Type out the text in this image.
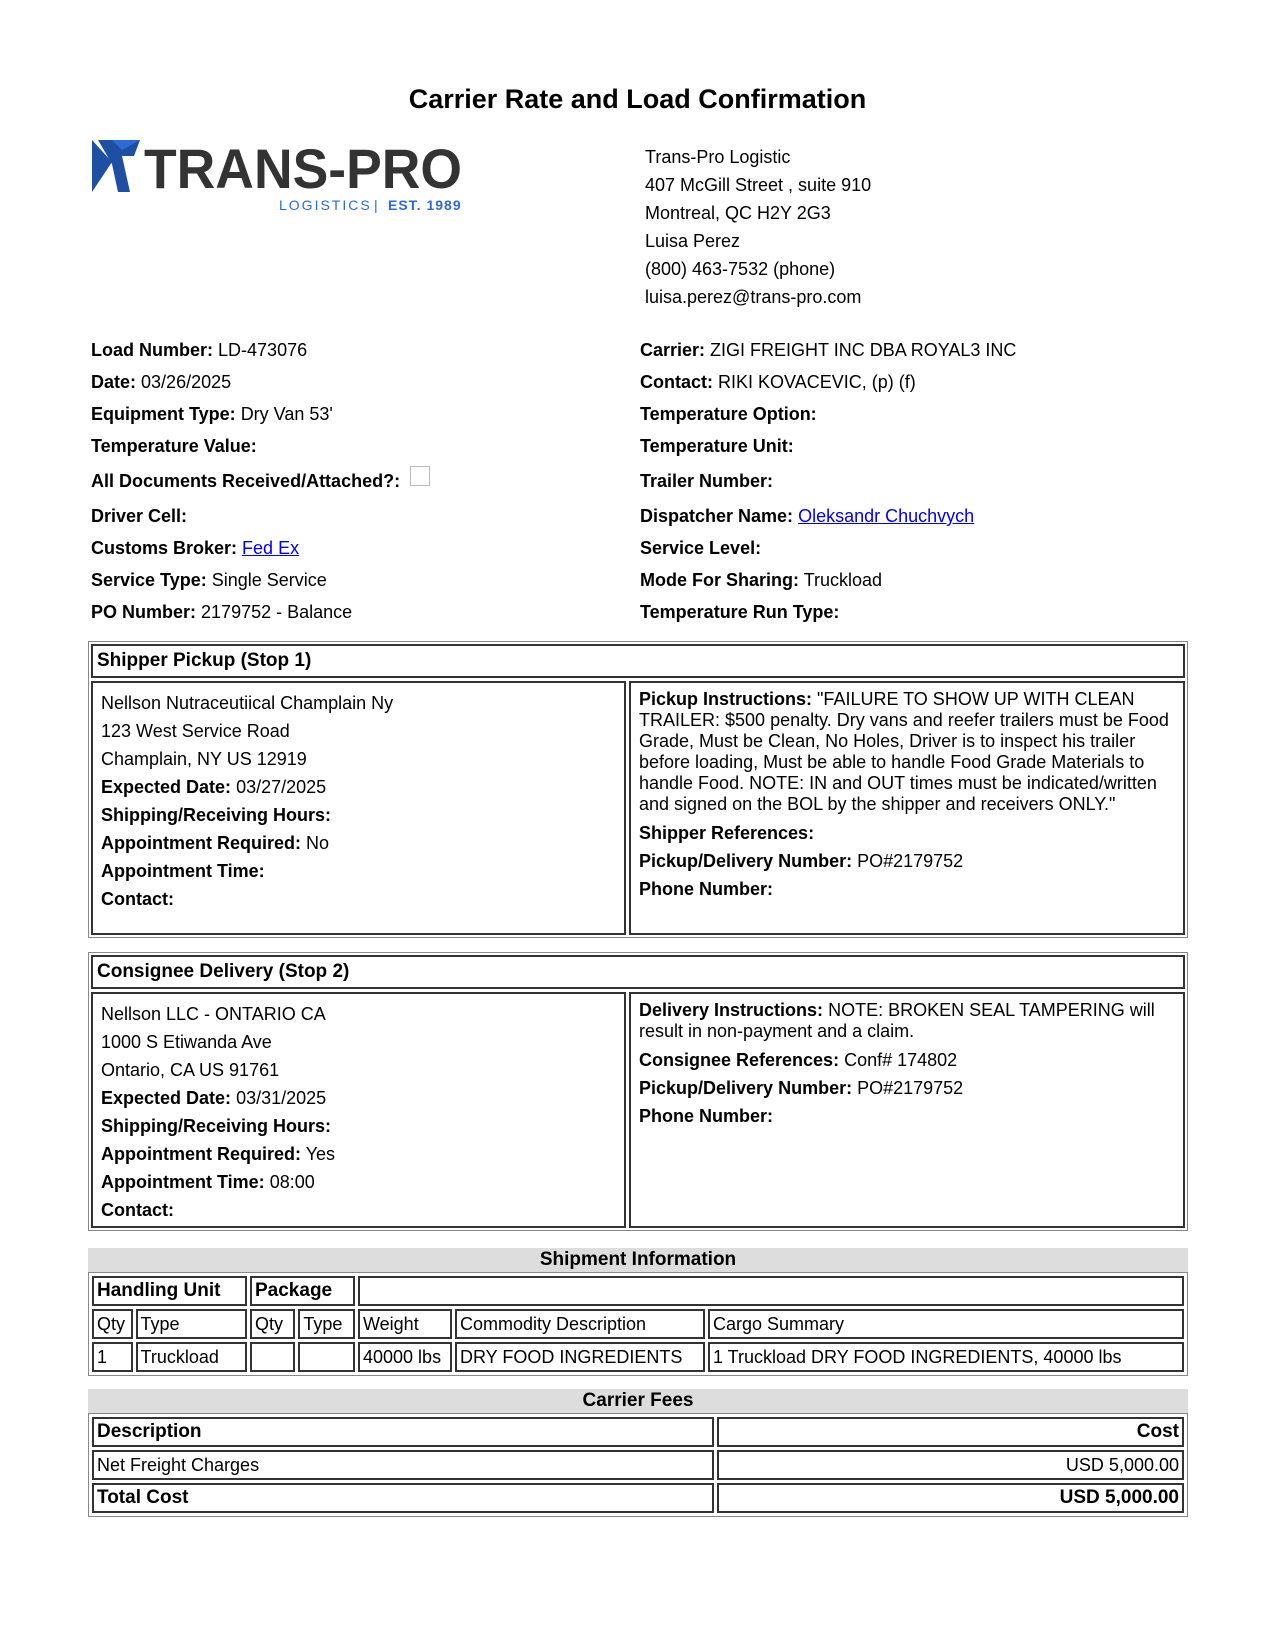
Carrier Rate and Load Confirmation
TRANS-PRO
LOGISTICS | EST. 1989
Trans-Pro Logistic
407 McGill Street , suite 910
Montreal, QC H2Y 2G3
Luisa Perez
(800) 463-7532 (phone)
luisa.perez@trans-pro.com
Load Number: LD-473076
Date: 03/26/2025
Equipment Type: Dry Van 53'
Temperature Value:
All Documents Received/Attached?:
Driver Cell:
Customs Broker: Fed Ex
Service Type: Single Service
PO Number: 2179752 - Balance
Carrier: ZIGI FREIGHT INC DBA ROYAL3 INC
Contact: RIKI KOVACEVIC, (p) (f)
Temperature Option:
Temperature Unit:
Trailer Number:
Dispatcher Name: Oleksandr Chuchvych
Service Level:
Mode For Sharing: Truckload
Temperature Run Type:
Shipper Pickup (Stop 1)
Nellson Nutraceutiical Champlain Ny
123 West Service Road
Champlain, NY US 12919
Expected Date: 03/27/2025
Shipping/Receiving Hours:
Appointment Required: No
Appointment Time:
Contact:
Pickup Instructions: "FAILURE TO SHOW UP WITH CLEAN TRAILER: $500 penalty. Dry vans and reefer trailers must be Food Grade, Must be Clean, No Holes, Driver is to inspect his trailer before loading, Must be able to handle Food Grade Materials to handle Food. NOTE: IN and OUT times must be indicated/written and signed on the BOL by the shipper and receivers ONLY."
Shipper References:
Pickup/Delivery Number: PO#2179752
Phone Number:
Consignee Delivery (Stop 2)
Nellson LLC - ONTARIO CA
1000 S Etiwanda Ave
Ontario, CA US 91761
Expected Date: 03/31/2025
Shipping/Receiving Hours:
Appointment Required: Yes
Appointment Time: 08:00
Contact:
Delivery Instructions: NOTE: BROKEN SEAL TAMPERING will result in non-payment and a claim.
Consignee References: Conf# 174802
Pickup/Delivery Number: PO#2179752
Phone Number:
Shipment Information
Handling Unit		Package				
Qty	Type	Qty	Type	Weight	Commodity Description	Cargo Summary
1	Truckload			40000 lbs	DRY FOOD INGREDIENTS	1 Truckload DRY FOOD INGREDIENTS, 40000 lbs
Carrier Fees
Description	Cost
Net Freight Charges	USD 5,000.00
Total Cost	USD 5,000.00
